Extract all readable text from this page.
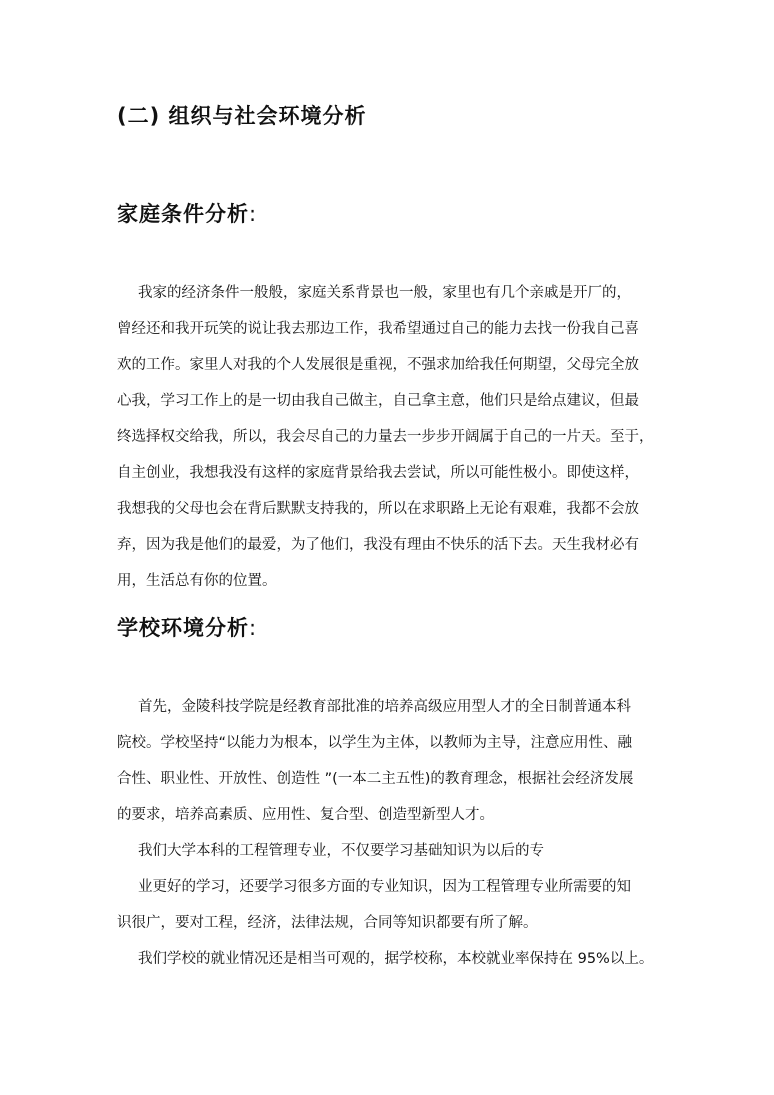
(二) 组织与社会环境分析
家庭条件分析:
我家的经济条件一般般，家庭关系背景也一般，家里也有几个亲戚是开厂的，
曾经还和我开玩笑的说让我去那边工作，我希望通过自己的能力去找一份我自己喜
欢的工作。家里人对我的个人发展很是重视，不强求加给我任何期望，父母完全放
心我，学习工作上的是一切由我自己做主，自己拿主意，他们只是给点建议，但最
终选择权交给我，所以，我会尽自己的力量去一步步开阔属于自己的一片天。至于，
自主创业，我想我没有这样的家庭背景给我去尝试，所以可能性极小。即使这样，
我想我的父母也会在背后默默支持我的，所以在求职路上无论有艰难，我都不会放
弃，因为我是他们的最爱，为了他们，我没有理由不快乐的活下去。天生我材必有
用，生活总有你的位置。
学校环境分析:
首先，金陵科技学院是经教育部批准的培养高级应用型人才的全日制普通本科
院校。学校坚持“以能力为根本，以学生为主体，以教师为主导，注意应用性、融
合性、职业性、开放性、创造性 ”(一本二主五性)的教育理念，根据社会经济发展
的要求，培养高素质、应用性、复合型、创造型新型人才。
我们大学本科的工程管理专业，不仅要学习基础知识为以后的专
业更好的学习，还要学习很多方面的专业知识，因为工程管理专业所需要的知
识很广，要对工程，经济，法律法规，合同等知识都要有所了解。
我们学校的就业情况还是相当可观的，据学校称，本校就业率保持在 95%以上。
